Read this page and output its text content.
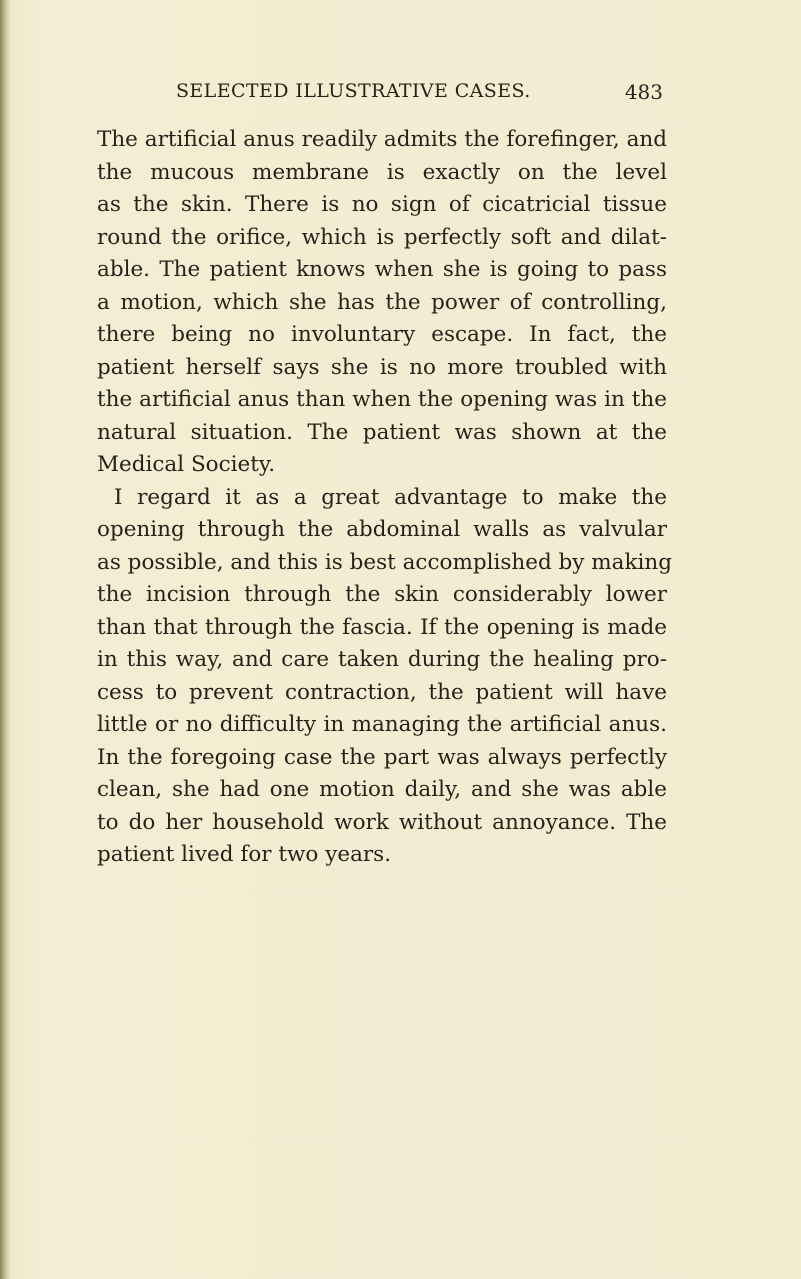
SELECTED ILLUSTRATIVE CASES.	483
The artificial anus readily admits the forefinger, and
the mucous membrane is exactly on the level
as the skin. There is no sign of cicatricial tissue
round the orifice, which is perfectly soft and dilat-
able. The patient knows when she is going to pass
a motion, which she has the power of controlling,
there being no involuntary escape. In fact, the
patient herself says she is no more troubled with
the artificial anus than when the opening was in the
natural situation. The patient was shown at the
Medical Society.
I regard it as a great advantage to make the
opening through the abdominal walls as valvular
as possible, and this is best accomplished by making
the incision through the skin considerably lower
than that through the fascia. If the opening is made
in this way, and care taken during the healing pro-
cess to prevent contraction, the patient will have
little or no difficulty in managing the artificial anus.
In the foregoing case the part was always perfectly
clean, she had one motion daily, and she was able
to do her household work without annoyance. The
patient lived for two years.
